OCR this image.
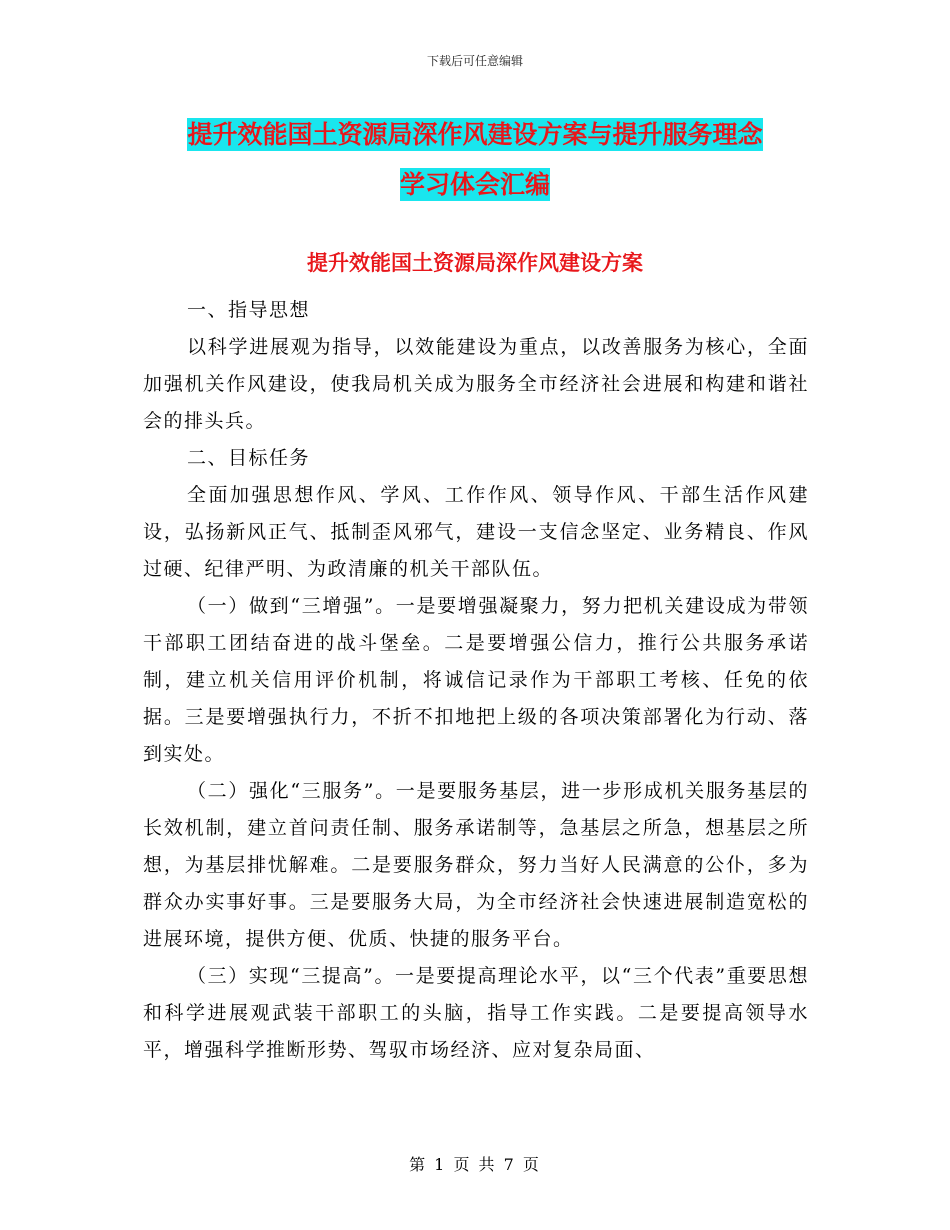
下载后可任意编辑
提升效能国土资源局深作风建设方案与提升服务理念
学习体会汇编
提升效能国土资源局深作风建设方案

一、指导思想

以科学进展观为指导，以效能建设为重点，以改善服务为核心，全面加强机关作风建设，使我局机关成为服务全市经济社会进展和构建和谐社会的排头兵。

二、目标任务

全面加强思想作风、学风、工作作风、领导作风、干部生活作风建设，弘扬新风正气、抵制歪风邪气，建设一支信念坚定、业务精良、作风过硬、纪律严明、为政清廉的机关干部队伍。

（一）做到“三增强”。一是要增强凝聚力，努力把机关建设成为带领干部职工团结奋进的战斗堡垒。二是要增强公信力，推行公共服务承诺制，建立机关信用评价机制，将诚信记录作为干部职工考核、任免的依据。三是要增强执行力，不折不扣地把上级的各项决策部署化为行动、落到实处。

（二）强化“三服务”。一是要服务基层，进一步形成机关服务基层的长效机制，建立首问责任制、服务承诺制等，急基层之所急，想基层之所想，为基层排忧解难。二是要服务群众，努力当好人民满意的公仆，多为群众办实事好事。三是要服务大局，为全市经济社会快速进展制造宽松的进展环境，提供方便、优质、快捷的服务平台。

（三）实现“三提高”。一是要提高理论水平，以“三个代表”重要思想和科学进展观武装干部职工的头脑，指导工作实践。二是要提高领导水平，增强科学推断形势、驾驭市场经济、应对复杂局面、

第 1 页 共 7 页
